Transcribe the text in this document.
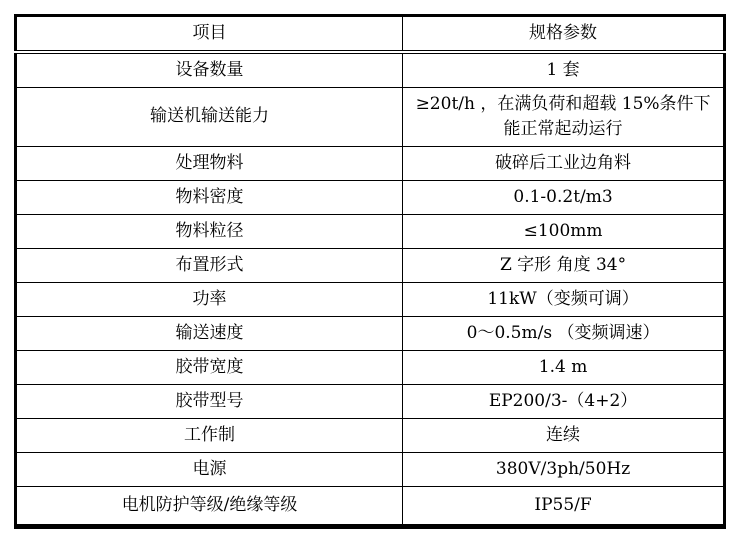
项目	规格参数
设备数量	1 套
输送机输送能力	≥20t/h ，在满负荷和超载 15%条件下能正常起动运行
处理物料	破碎后工业边角料
物料密度	0.1-0.2t/m3
物料粒径	≤100mm
布置形式	Z 字形 角度 34°
功率	11kW（变频可调）
输送速度	0～0.5m/s （变频调速）
胶带宽度	1.4 m
胶带型号	EP200/3-（4+2）
工作制	连续
电源	380V/3ph/50Hz
电机防护等级/绝缘等级	IP55/F
